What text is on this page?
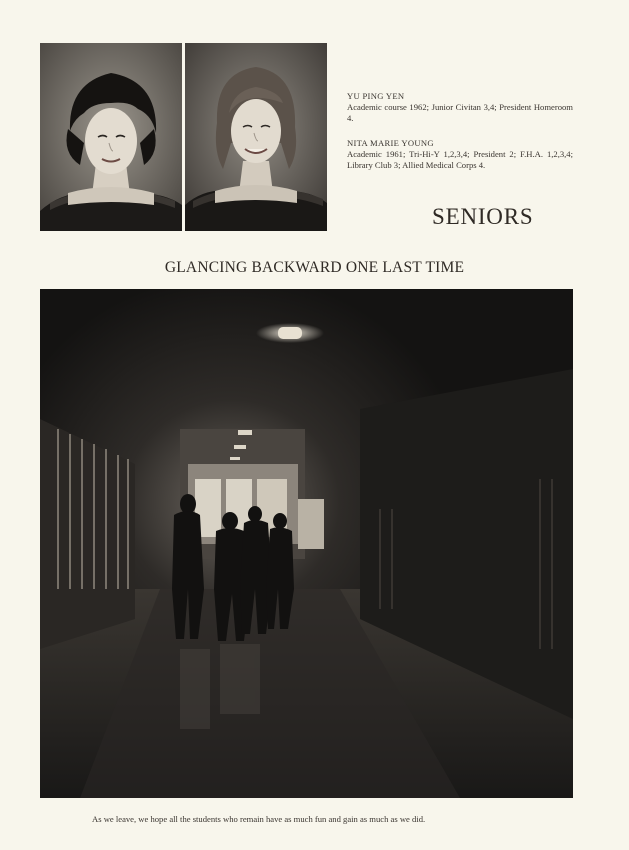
YU PING YEN
Academic course 1962; Junior Civitan 3,4; President Homeroom 4.
NITA MARIE YOUNG
Academic 1961; Tri-Hi-Y 1,2,3,4; President 2; F.H.A. 1,2,3,4; Library Club 3; Allied Medical Corps 4.
SENIORS
GLANCING BACKWARD ONE LAST TIME
As we leave, we hope all the students who remain have as much fun and gain as much as we did.
